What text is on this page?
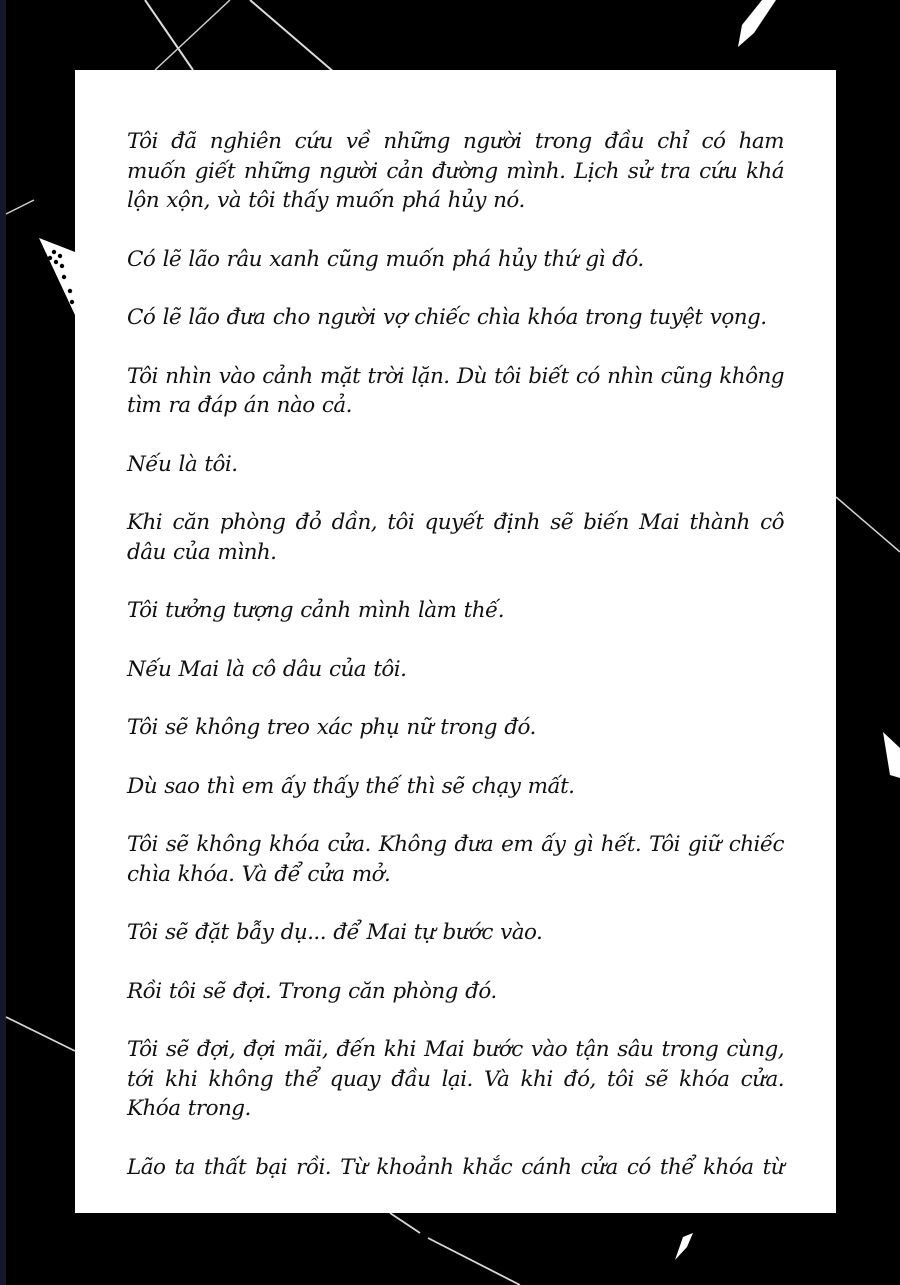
Tôi đã nghiên cứu về những người trong đầu chỉ có ham muốn giết những người cản đường mình. Lịch sử tra cứu khá lộn xộn, và tôi thấy muốn phá hủy nó.

Có lẽ lão râu xanh cũng muốn phá hủy thứ gì đó.

Có lẽ lão đưa cho người vợ chiếc chìa khóa trong tuyệt vọng.

Tôi nhìn vào cảnh mặt trời lặn. Dù tôi biết có nhìn cũng không tìm ra đáp án nào cả.

Nếu là tôi.

Khi căn phòng đỏ dần, tôi quyết định sẽ biến Mai thành cô dâu của mình.

Tôi tưởng tượng cảnh mình làm thế.

Nếu Mai là cô dâu của tôi.

Tôi sẽ không treo xác phụ nữ trong đó.

Dù sao thì em ấy thấy thế thì sẽ chạy mất.

Tôi sẽ không khóa cửa. Không đưa em ấy gì hết. Tôi giữ chiếc chìa khóa. Và để cửa mở.

Tôi sẽ đặt bẫy dụ... để Mai tự bước vào.

Rồi tôi sẽ đợi. Trong căn phòng đó.

Tôi sẽ đợi, đợi mãi, đến khi Mai bước vào tận sâu trong cùng, tới khi không thể quay đầu lại. Và khi đó, tôi sẽ khóa cửa. Khóa trong.

Lão ta thất bại rồi. Từ khoảnh khắc cánh cửa có thể khóa từ
